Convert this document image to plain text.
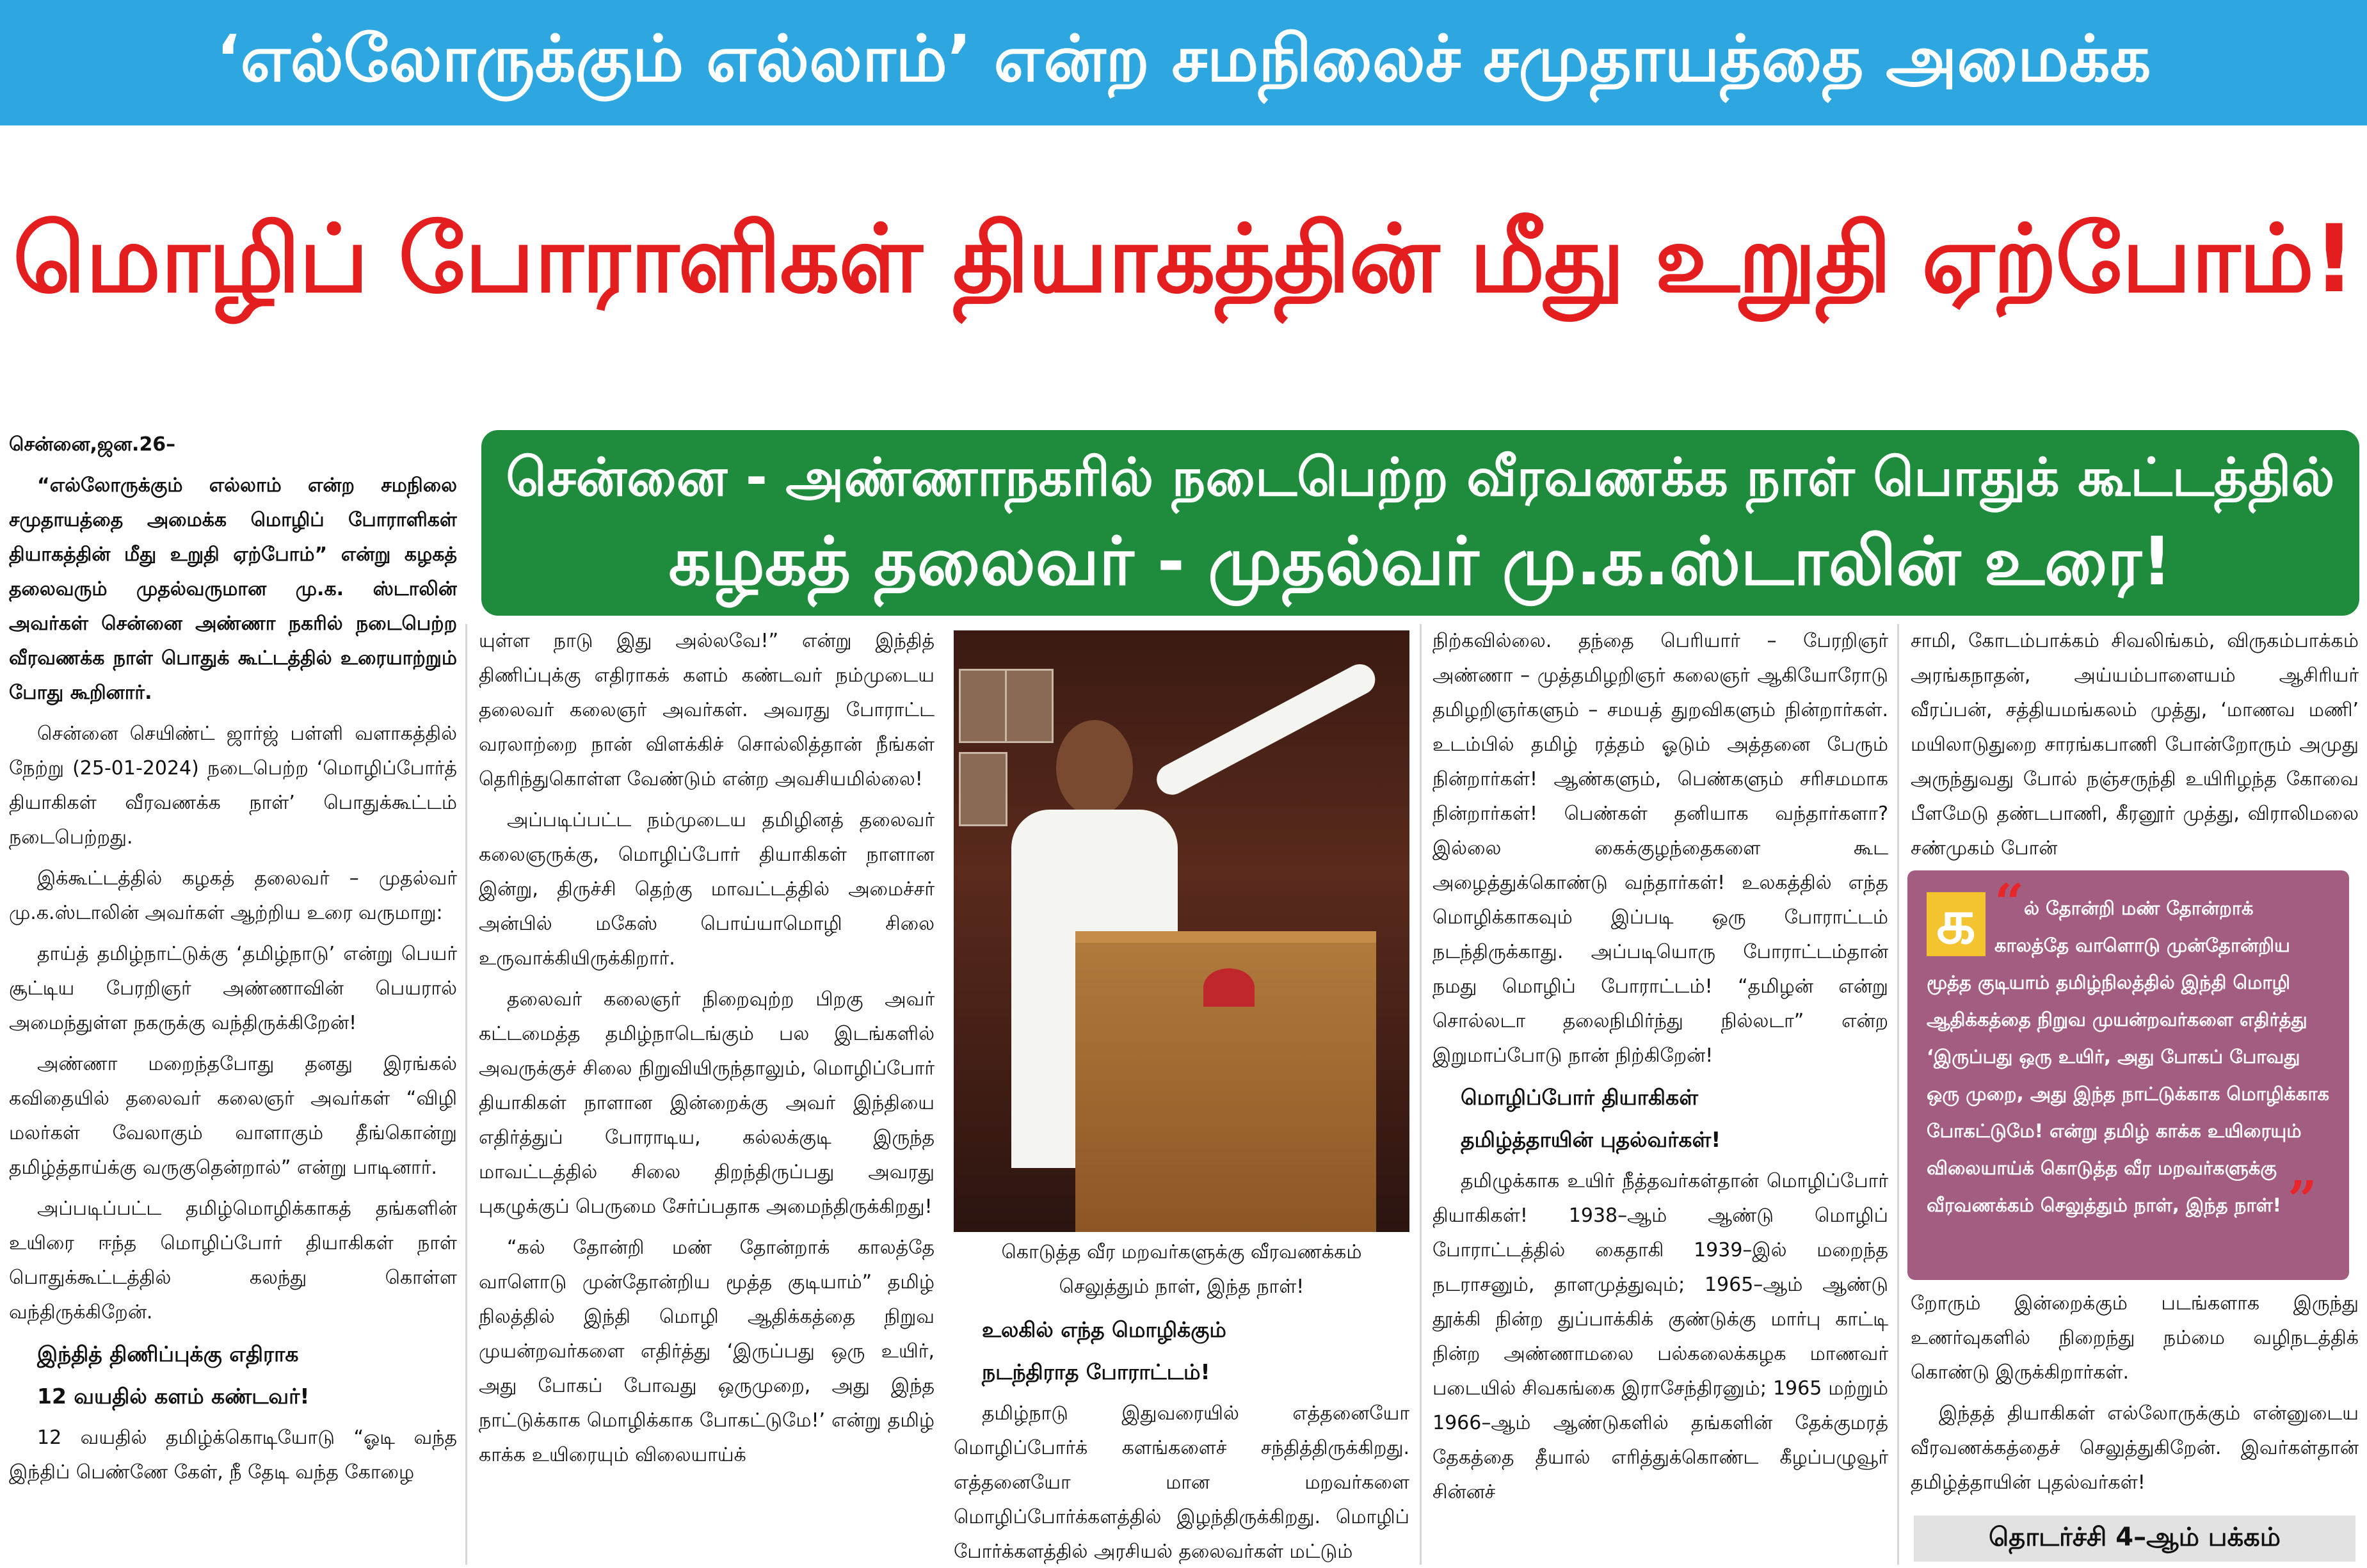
‘எல்லோருக்கும் எல்லாம்’ என்ற சமநிலைச் சமுதாயத்தை அமைக்க
மொழிப் போராளிகள் தியாகத்தின் மீது உறுதி ஏற்போம்!
சென்னை - அண்ணாநகரில் நடைபெற்ற வீரவணக்க நாள் பொதுக் கூட்டத்தில்
கழகத் தலைவர் - முதல்வர் மு.க.ஸ்டாலின் உரை!

சென்னை,ஜன.26–

“எல்லோருக்கும் எல்லாம் என்ற சமநிலை சமுதாயத்தை அமைக்க மொழிப் போராளிகள் தியாகத்தின் மீது உறுதி ஏற்போம்” என்று கழகத் தலைவரும் முதல்வருமான மு.க. ஸ்டாலின் அவர்கள் சென்னை அண்ணா நகரில் நடைபெற்ற வீரவணக்க நாள் பொதுக் கூட்டத்தில் உரையாற்றும் போது கூறினார்.

சென்னை செயிண்ட் ஜார்ஜ் பள்ளி வளாகத்தில் நேற்று (25-01-2024) நடைபெற்ற ‘மொழிப்போர்த் தியாகிகள் வீரவணக்க நாள்’ பொதுக்கூட்டம் நடைபெற்றது.

இக்கூட்டத்தில் கழகத் தலைவர் – முதல்வர் மு.க.ஸ்டாலின் அவர்கள் ஆற்றிய உரை வருமாறு:

தாய்த் தமிழ்நாட்டுக்கு ‘தமிழ்நாடு’ என்று பெயர் சூட்டிய பேரறிஞர் அண்ணாவின் பெயரால் அமைந்துள்ள நகருக்கு வந்திருக்கிறேன்!

அண்ணா மறைந்தபோது தனது இரங்கல் கவிதையில் தலைவர் கலைஞர் அவர்கள் “விழி மலர்கள் வேலாகும் வாளாகும் தீங்கொன்று தமிழ்த்தாய்க்கு வருகுதென்றால்” என்று பாடினார்.

அப்படிப்பட்ட தமிழ்மொழிக்காகத் தங்களின் உயிரை ஈந்த மொழிப்போர் தியாகிகள் நாள் பொதுக்கூட்டத்தில் கலந்து கொள்ள வந்திருக்கிறேன்.

இந்தித் திணிப்புக்கு எதிராக

12 வயதில் களம் கண்டவர்!

12 வயதில் தமிழ்க்கொடியோடு “ஓடி வந்த இந்திப் பெண்ணே கேள், நீ தேடி வந்த கோழை

யுள்ள நாடு இது அல்லவே!” என்று இந்தித் திணிப்புக்கு எதிராகக் களம் கண்டவர் நம்முடைய தலைவர் கலைஞர் அவர்கள். அவரது போராட்ட வரலாற்றை நான் விளக்கிச் சொல்லித்தான் நீங்கள் தெரிந்துகொள்ள வேண்டும் என்ற அவசியமில்லை!

அப்படிப்பட்ட நம்முடைய தமிழினத் தலைவர் கலைஞருக்கு, மொழிப்போர் தியாகிகள் நாளான இன்று, திருச்சி தெற்கு மாவட்டத்தில் அமைச்சர் அன்பில் மகேஸ் பொய்யாமொழி சிலை உருவாக்கியிருக்கிறார்.

தலைவர் கலைஞர் நிறைவுற்ற பிறகு அவர் கட்டமைத்த தமிழ்நாடெங்கும் பல இடங்களில் அவருக்குச் சிலை நிறுவியிருந்தாலும், மொழிப்போர் தியாகிகள் நாளான இன்றைக்கு அவர் இந்தியை எதிர்த்துப் போராடிய, கல்லக்குடி இருந்த மாவட்டத்தில் சிலை திறந்திருப்பது அவரது புகழுக்குப் பெருமை சேர்ப்பதாக அமைந்திருக்கிறது!

“கல் தோன்றி மண் தோன்றாக் காலத்தே வாளொடு முன்தோன்றிய மூத்த குடியாம்” தமிழ் நிலத்தில் இந்தி மொழி ஆதிக்கத்தை நிறுவ முயன்றவர்களை எதிர்த்து ‘இருப்பது ஒரு உயிர், அது போகப் போவது ஒருமுறை, அது இந்த நாட்டுக்காக மொழிக்காக போகட்டுமே!’ என்று தமிழ் காக்க உயிரையும் விலையாய்க்

கொடுத்த வீர மறவர்களுக்கு வீரவணக்கம் செலுத்தும் நாள், இந்த நாள்!

உலகில் எந்த மொழிக்கும்

நடந்திராத போராட்டம்!

தமிழ்நாடு இதுவரையில் எத்தனையோ மொழிப்போர்க் களங்களைச் சந்தித்திருக்கிறது. எத்தனையோ மான மறவர்களை மொழிப்போர்க்களத்தில் இழந்திருக்கிறது. மொழிப் போர்க்களத்தில் அரசியல் தலைவர்கள் மட்டும்

நிற்கவில்லை. தந்தை பெரியார் – பேரறிஞர் அண்ணா – முத்தமிழறிஞர் கலைஞர் ஆகியோரோடு தமிழறிஞர்களும் – சமயத் துறவிகளும் நின்றார்கள். உடம்பில் தமிழ் ரத்தம் ஓடும் அத்தனை பேரும் நின்றார்கள்! ஆண்களும், பெண்களும் சரிசமமாக நின்றார்கள்! பெண்கள் தனியாக வந்தார்களா? இல்லை கைக்குழந்தைகளை கூட அழைத்துக்கொண்டு வந்தார்கள்! உலகத்தில் எந்த மொழிக்காகவும் இப்படி ஒரு போராட்டம் நடந்திருக்காது. அப்படியொரு போராட்டம்தான் நமது மொழிப் போராட்டம்! “தமிழன் என்று சொல்லடா தலைநிமிர்ந்து நில்லடா” என்ற இறுமாப்போடு நான் நிற்கிறேன்!

மொழிப்போர் தியாகிகள்

தமிழ்த்தாயின் புதல்வர்கள்!

தமிழுக்காக உயிர் நீத்தவர்கள்தான் மொழிப்போர் தியாகிகள்! 1938–ஆம் ஆண்டு மொழிப் போராட்டத்தில் கைதாகி 1939–இல் மறைந்த நடராசனும், தாளமுத்துவும்; 1965–ஆம் ஆண்டு தூக்கி நின்ற துப்பாக்கிக் குண்டுக்கு மார்பு காட்டி நின்ற அண்ணாமலை பல்கலைக்கழக மாணவர் படையில் சிவகங்கை இராசேந்திரனும்; 1965 மற்றும் 1966–ஆம் ஆண்டுகளில் தங்களின் தேக்குமரத் தேகத்தை தீயால் எரித்துக்கொண்ட கீழப்பழுவூர் சின்னச்

சாமி, கோடம்பாக்கம் சிவலிங்கம், விருகம்பாக்கம் அரங்கநாதன், அய்யம்பாளையம் ஆசிரியர் வீரப்பன், சத்தியமங்கலம் முத்து, ‘மாணவ மணி’ மயிலாடுதுறை சாரங்கபாணி போன்றோரும் அமுது அருந்துவது போல் நஞ்சருந்தி உயிரிழந்த கோவை பீளமேடு தண்டபாணி, கீரனூர் முத்து, விராலிமலை சண்முகம் போன்

“
க	ல் தோன்றி மண் தோன்றாக் காலத்தே வாளொடு முன்தோன்றிய மூத்த குடியாம் தமிழ்நிலத்தில் இந்தி மொழி ஆதிக்கத்தை நிறுவ முயன்றவர்களை எதிர்த்து ‘இருப்பது ஒரு உயிர், அது போகப் போவது ஒரு முறை, அது இந்த நாட்டுக்காக மொழிக்காக போகட்டுமே! என்று தமிழ் காக்க உயிரையும் விலையாய்க் கொடுத்த வீர மறவர்களுக்கு வீரவணக்கம் செலுத்தும் நாள், இந்த நாள்! ”

றோரும் இன்றைக்கும் படங்களாக இருந்து உணர்வுகளில் நிறைந்து நம்மை வழிநடத்திக் கொண்டு இருக்கிறார்கள்.

இந்தத் தியாகிகள் எல்லோருக்கும் என்னுடைய வீரவணக்கத்தைச் செலுத்துகிறேன். இவர்கள்தான் தமிழ்த்தாயின் புதல்வர்கள்!

தொடர்ச்சி 4–ஆம் பக்கம்
